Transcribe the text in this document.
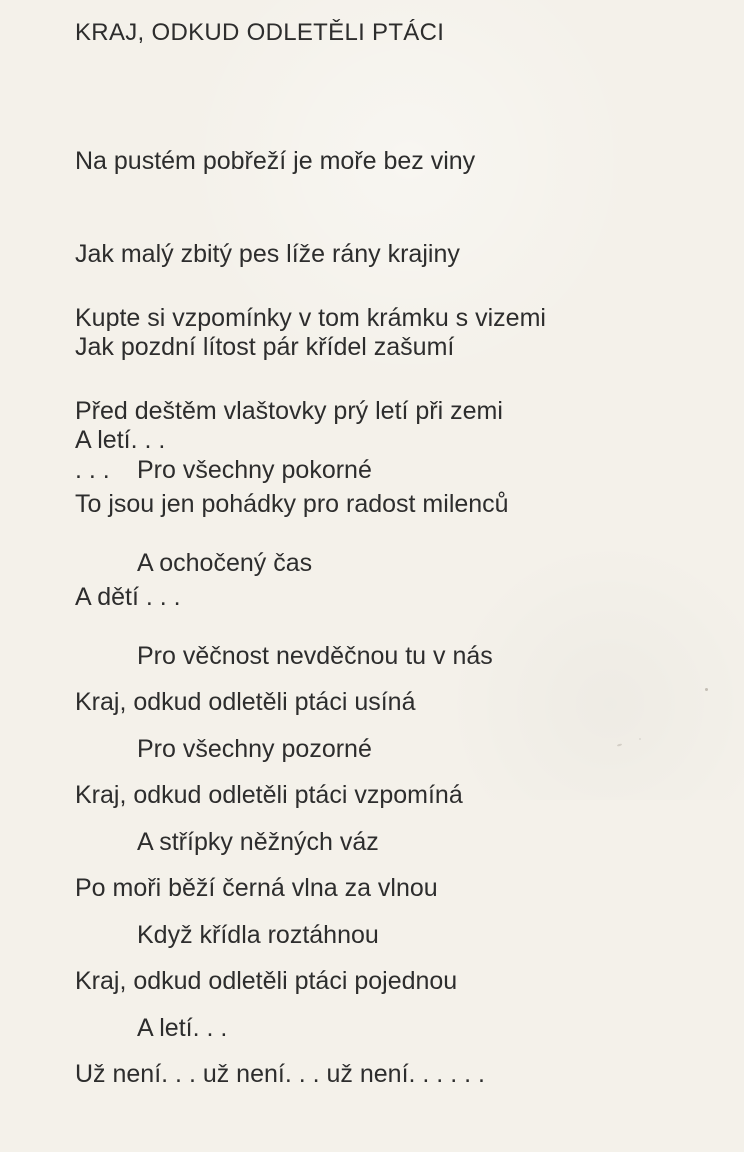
KRAJ, ODKUD ODLETĚLI PTÁCI

Na pustém pobřeží je moře bez viny

Jak malý zbitý pes líže rány krajiny

Jak pozdní lítost pár křídel zašumí

A letí. . .

Kupte si vzpomínky v tom krámku s vizemi

Před deštěm vlaštovky prý letí při zemi

To jsou jen pohádky pro radost milenců

A dětí . . .

. . . Pro všechny pokorné

A ochočený čas

Pro věčnost nevděčnou tu v nás

Pro všechny pozorné

A střípky něžných váz

Když křídla roztáhnou

A letí. . .

Kraj, odkud odletěli ptáci usíná

Kraj, odkud odletěli ptáci vzpomíná

Po moři běží černá vlna za vlnou

Kraj, odkud odletěli ptáci pojednou

Už není. . . už není. . . už není. . . . . .
